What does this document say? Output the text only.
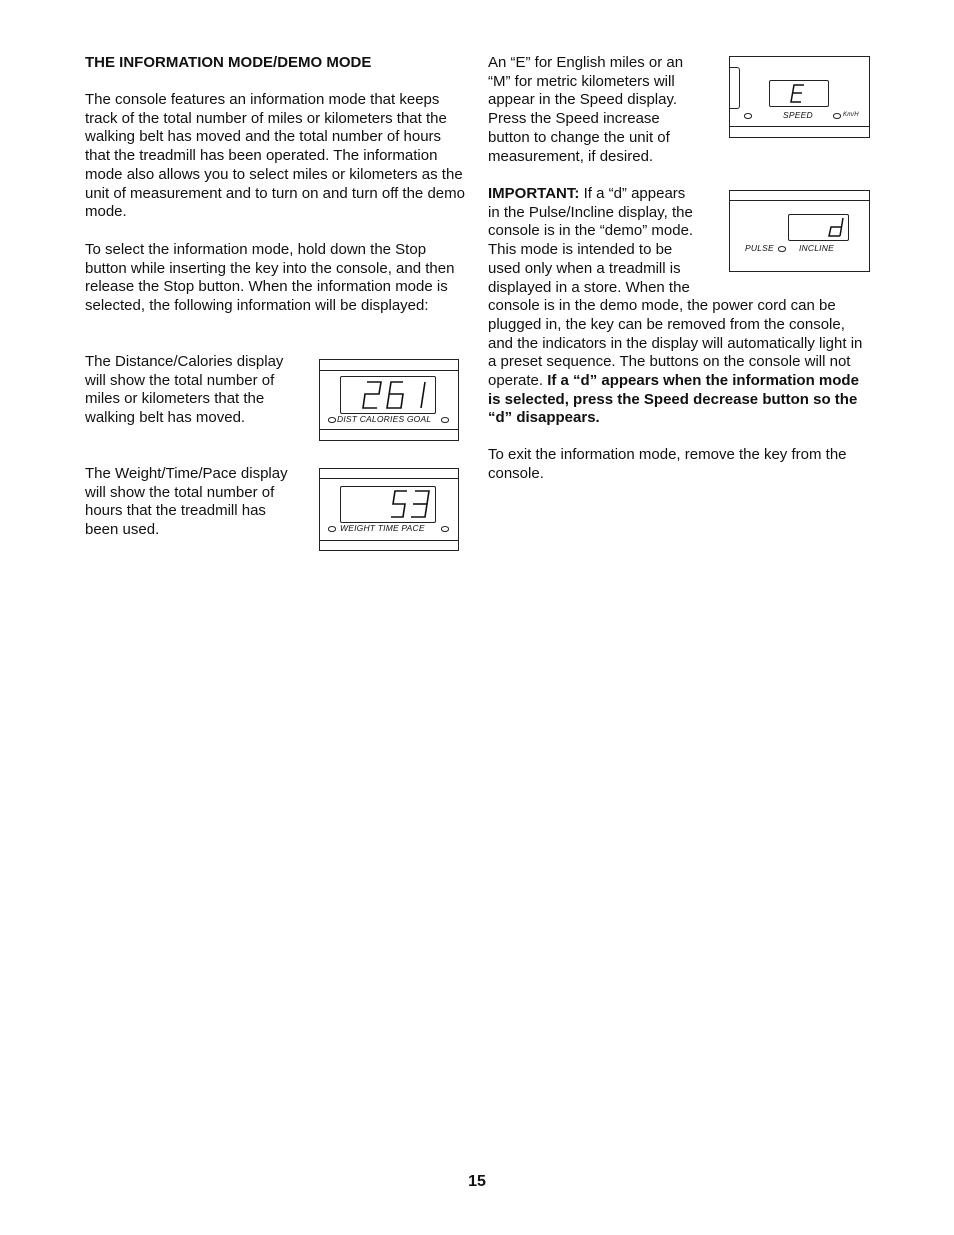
THE INFORMATION MODE/DEMO MODE

The console features an information mode that keeps track of the total number of miles or kilometers that the walking belt has moved and the total number of hours that the treadmill has been operated. The information mode also allows you to select miles or kilometers as the unit of measurement and to turn on and turn off the demo mode.

To select the information mode, hold down the Stop button while inserting the key into the console, and then release the Stop button. When the information mode is selected, the following information will be displayed:

The Distance/Calories display will show the total number of miles or kilometers that the walking belt has moved.

The Weight/Time/Pace display will show the total number of hours that the treadmill has been used.

DIST CALORIES GOAL
WEIGHT TIME PACE

An “E” for English miles or an “M” for metric kilometers will appear in the Speed display. Press the Speed increase button to change the unit of measurement, if desired.

SPEED	Km/H

IMPORTANT: If a “d” appears in the Pulse/Incline display, the console is in the “demo” mode. This mode is intended to be used only when a treadmill is displayed in a store. When the console is in the demo mode, the power cord can be plugged in, the key can be removed from the console, and the indicators in the display will automatically light in a preset sequence. The buttons on the console will not operate. If a “d” appears when the information mode is selected, press the Speed decrease button so the “d” disappears.

PULSE	INCLINE

To exit the information mode, remove the key from the console.

15
